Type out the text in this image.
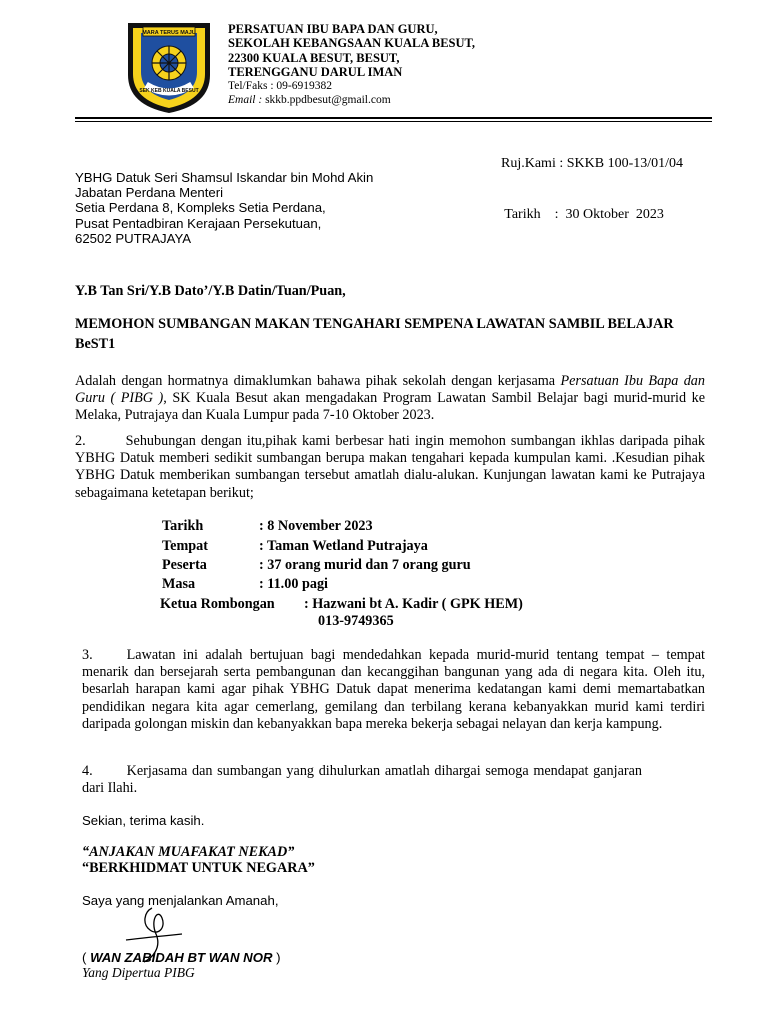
MARA TERUS MAJU
SEK KEB KUALA BESUT
PERSATUAN IBU BAPA DAN GURU,
SEKOLAH KEBANGSAAN KUALA BESUT,
22300 KUALA BESUT, BESUT,
TERENGGANU DARUL IMAN
Tel/Faks : 09-6919382
Email : skkb.ppdbesut@gmail.com

Ruj.Kami : SKKB 100-13/01/04

Tarikh    :  30 Oktober  2023

YBHG Datuk Seri Shamsul Iskandar bin Mohd Akin
Jabatan Perdana Menteri
Setia Perdana 8, Kompleks Setia Perdana,
Pusat Pentadbiran Kerajaan Persekutuan,
62502 PUTRAJAYA
Y.B Tan Sri/Y.B Dato’/Y.B Datin/Tuan/Puan,
MEMOHON SUMBANGAN MAKAN TENGAHARI SEMPENA LAWATAN SAMBIL BELAJAR BeST1
Adalah dengan hormatnya dimaklumkan bahawa pihak sekolah dengan kerjasama Persatuan Ibu Bapa dan Guru ( PIBG ), SK Kuala Besut akan mengadakan Program Lawatan Sambil Belajar bagi murid-murid ke Melaka, Putrajaya dan Kuala Lumpur pada 7-10 Oktober 2023.
2.	Sehubungan dengan itu,pihak kami berbesar hati ingin memohon sumbangan ikhlas daripada pihak YBHG Datuk memberi sedikit sumbangan berupa makan tengahari kepada kumpulan kami. .Kesudian pihak YBHG Datuk memberikan sumbangan tersebut amatlah dialu-alukan. Kunjungan lawatan kami ke Putrajaya sebagaimana ketetapan berikut;
Tarikh	: 8 November 2023
Tempat	: Taman Wetland Putrajaya
Peserta	: 37 orang murid dan 7 orang guru
Masa	: 11.00 pagi
Ketua Rombongan : Hazwani bt A. Kadir ( GPK HEM)
013-9749365
3. Lawatan ini adalah bertujuan bagi mendedahkan kepada murid-murid tentang tempat – tempat menarik dan bersejarah serta pembangunan dan kecanggihan bangunan yang ada di negara kita. Oleh itu, besarlah harapan kami agar pihak YBHG Datuk dapat menerima kedatangan kami demi memartabatkan pendidikan negara kita agar cemerlang, gemilang dan terbilang kerana kebanyakkan murid kami terdiri daripada golongan miskin dan kebanyakkan bapa mereka bekerja sebagai nelayan dan kerja kampung.
4. Kerjasama dan sumbangan yang dihulurkan amatlah dihargai semoga mendapat ganjaran dari Ilahi.
Sekian, terima kasih.
“ANJAKAN MUAFAKAT NEKAD”
“BERKHIDMAT UNTUK NEGARA”
Saya yang menjalankan Amanah,
( WAN ZABIDAH BT WAN NOR )
Yang Dipertua PIBG
